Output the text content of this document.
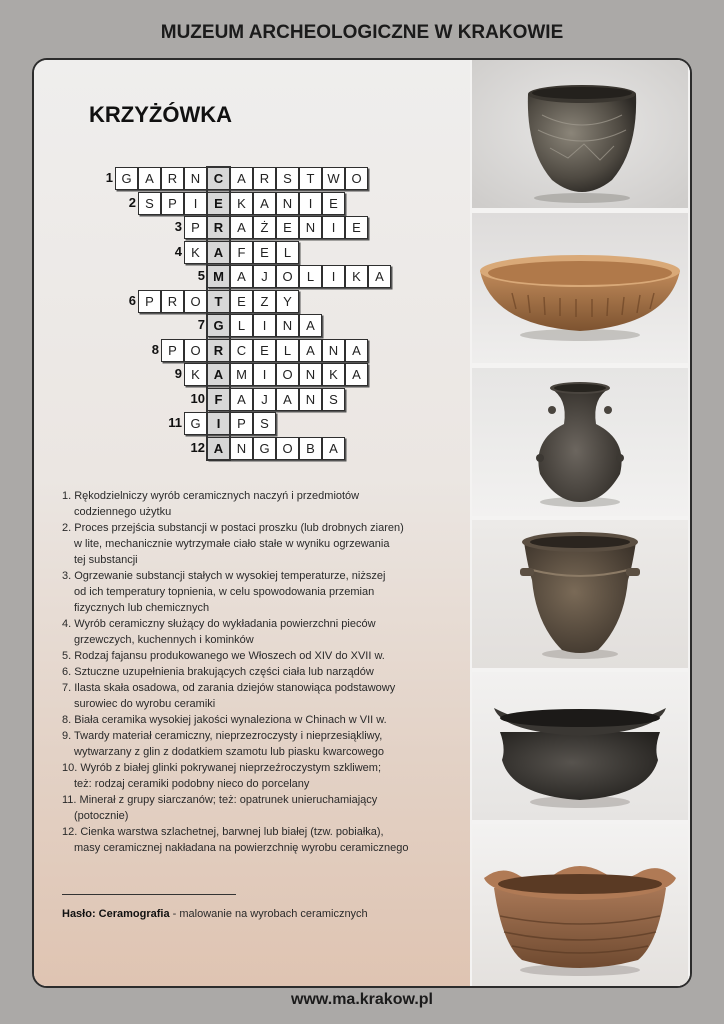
MUZEUM ARCHEOLOGICZNE W KRAKOWIE
KRZYŻÓWKA
1 G	A	R	N	C	A	R	S	T W O
2 S	P	I	E	K	A	N	I	E
3 P	R	A	Ż	E	N	I	E
4 K	A	F	E	L
5 M	A	J	O	L	I	K	A
6 P	R	O	T	E	Z	Y
7 G	L	I	N	A
8 P	O	R	C	E	L	A	N	A
9 K	A M	I	O	N	K	A
10 F	A	J	A	N	S
11 G	I	P	S
12 A	N	G O	B	A
1. Rękodzielniczy wyrób ceramicznych naczyń i przedmiotów
codziennego użytku
2. Proces przejścia substancji w postaci proszku (lub drobnych ziaren)
w lite, mechanicznie wytrzymałe ciało stałe w wyniku ogrzewania
tej substancji
3. Ogrzewanie substancji stałych w wysokiej temperaturze, niższej
od ich temperatury topnienia, w celu spowodowania przemian
fizycznych lub chemicznych
4. Wyrób ceramiczny służący do wykładania powierzchni pieców
grzewczych, kuchennych i kominków
5. Rodzaj fajansu produkowanego we Włoszech od XIV do XVII w.
6. Sztuczne uzupełnienia brakujących części ciała lub narządów
7. Ilasta skała osadowa, od zarania dziejów stanowiąca podstawowy
surowiec do wyrobu ceramiki
8. Biała ceramika wysokiej jakości wynaleziona w Chinach w VII w.
9. Twardy materiał ceramiczny, nieprzezroczysty i nieprzesiąkliwy,
wytwarzany z glin z dodatkiem szamotu lub piasku kwarcowego
10. Wyrób z białej glinki pokrywanej nieprzeźroczystym szkliwem;
też: rodzaj ceramiki podobny nieco do porcelany
11. Minerał z grupy siarczanów; też: opatrunek unieruchamiający
(potocznie)
12. Cienka warstwa szlachetnej, barwnej lub białej (tzw. pobiałka),
masy ceramicznej nakładana na powierzchnię wyrobu ceramicznego
Hasło: Ceramografia - malowanie na wyrobach ceramicznych
www.ma.krakow.pl
